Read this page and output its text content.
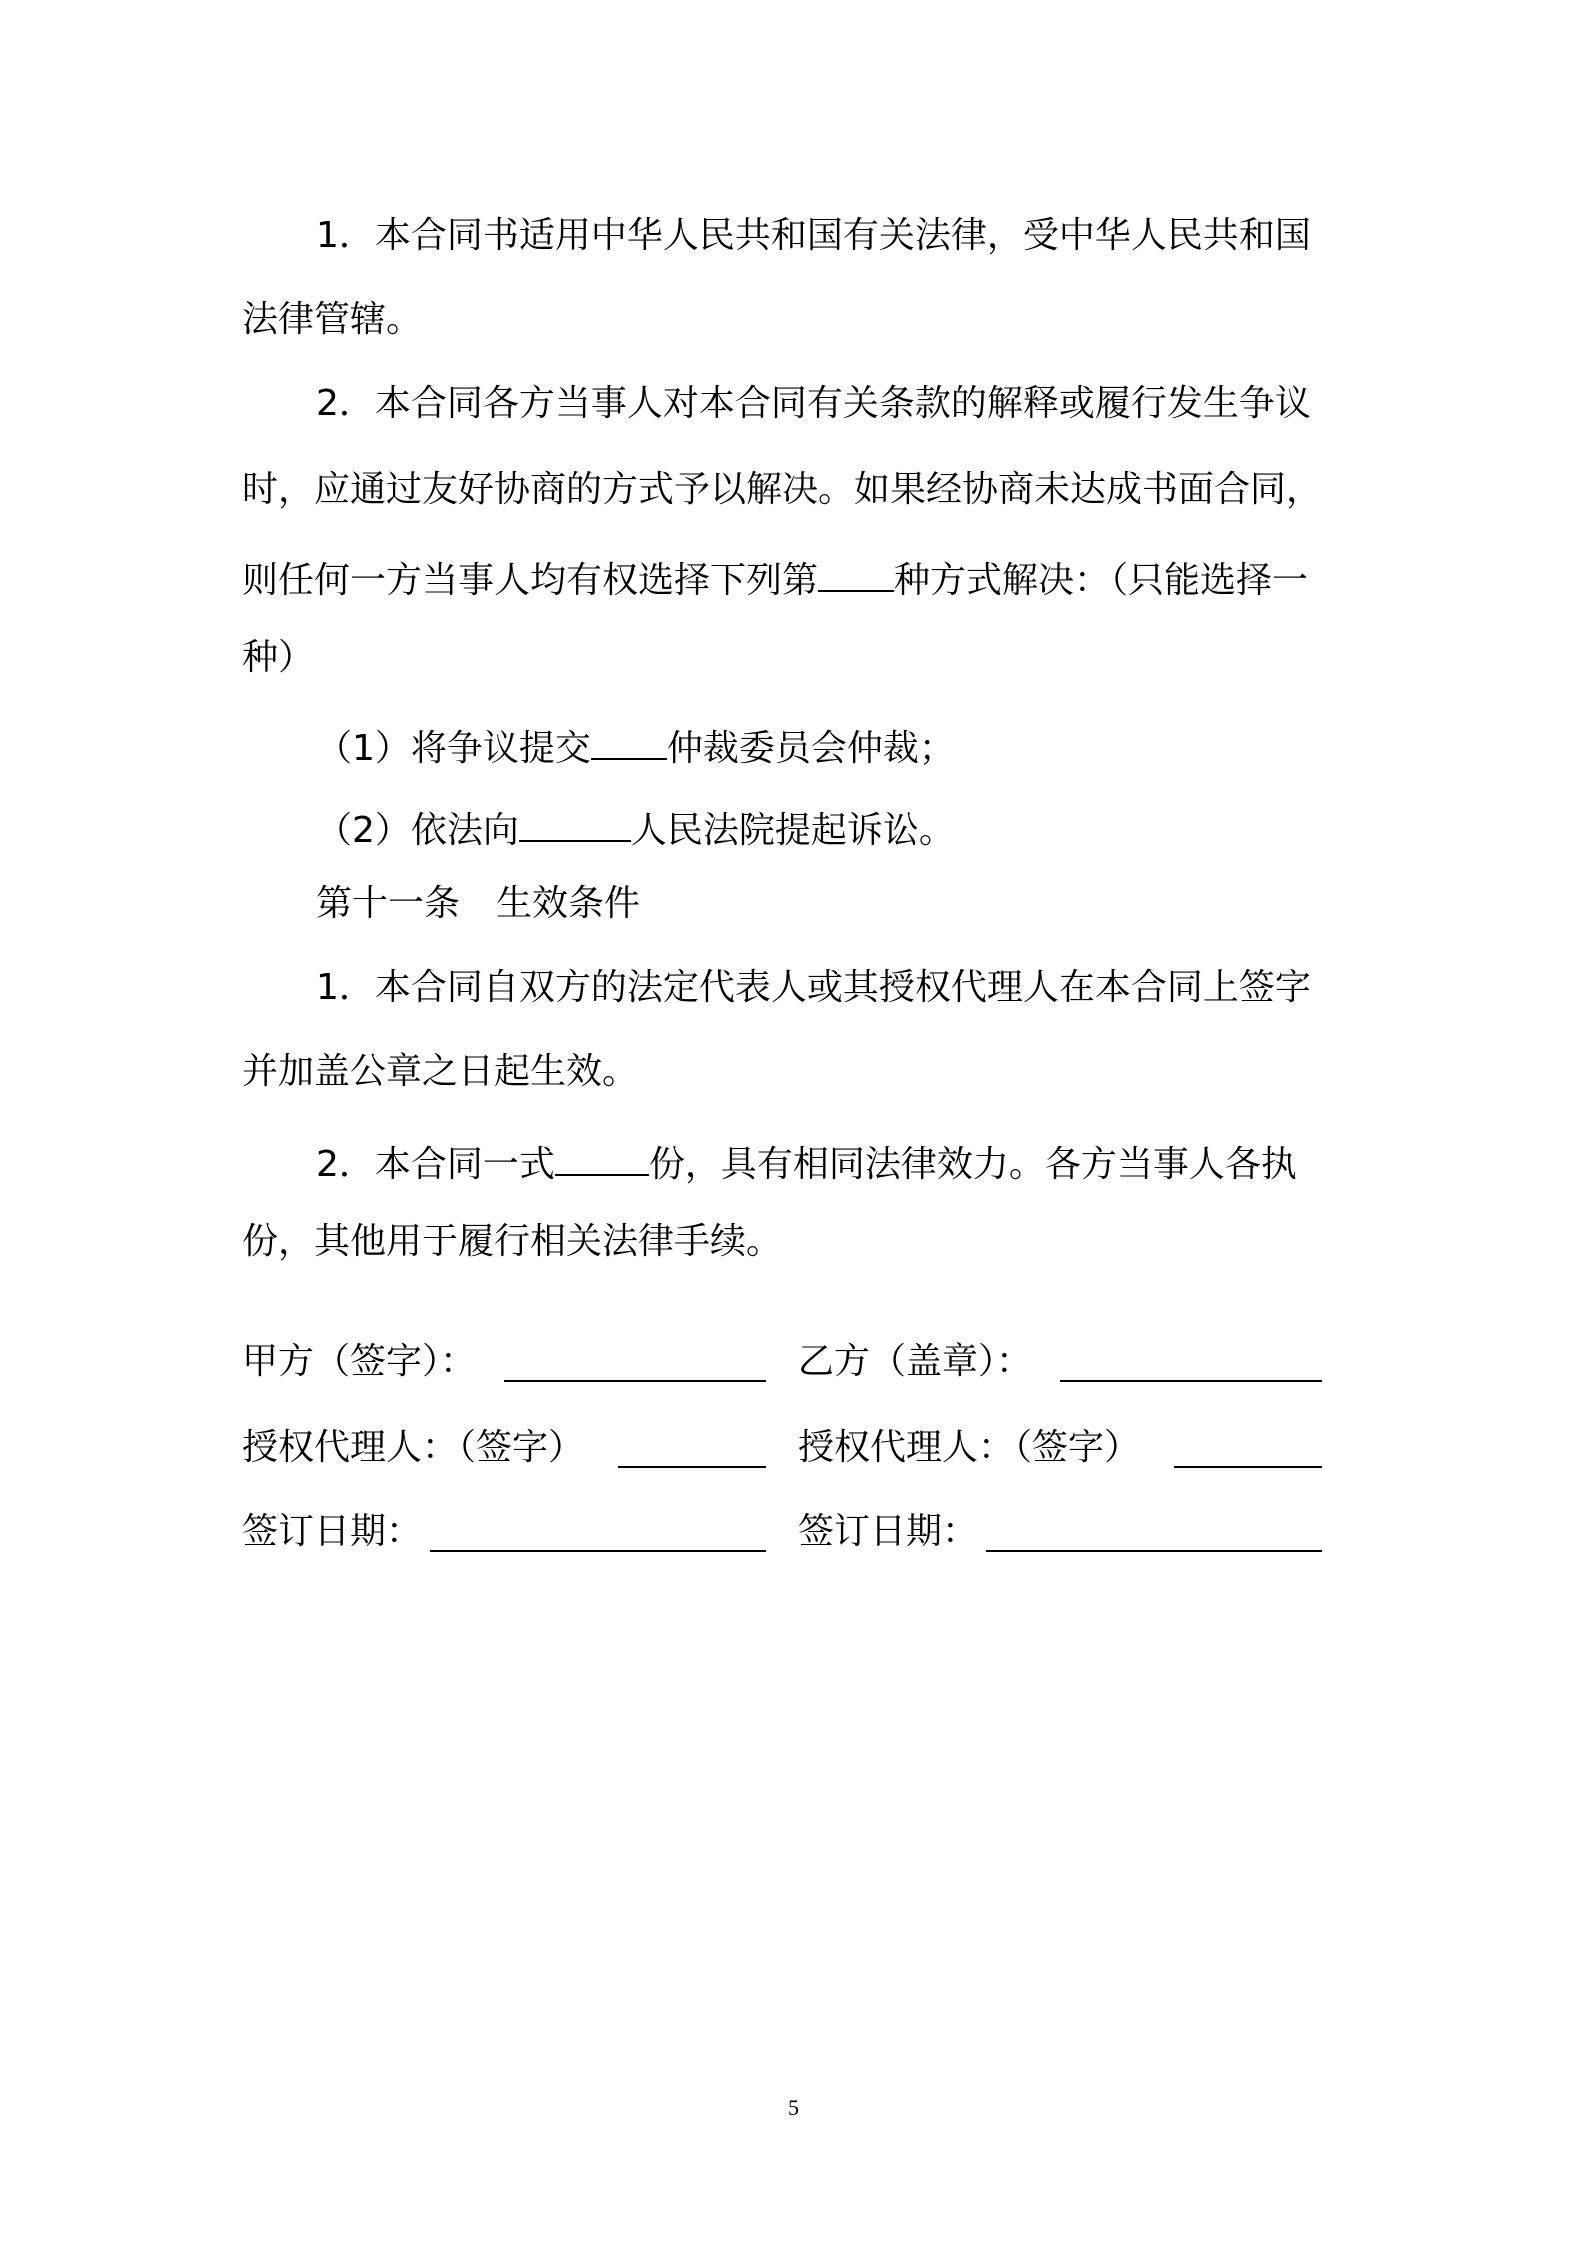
1．本合同书适用中华人民共和国有关法律，受中华人民共和国
法律管辖。
2．本合同各方当事人对本合同有关条款的解释或履行发生争议
时，应通过友好协商的方式予以解决。如果经协商未达成书面合同，
则任何一方当事人均有权选择下列第 种方式解决：（只能选择一
种）
（1）将争议提交 仲裁委员会仲裁；
（2）依法向	人民法院提起诉讼。
第十一条　生效条件
1．本合同自双方的法定代表人或其授权代理人在本合同上签字
并加盖公章之日起生效。
2．本合同一式	份，具有相同法律效力。各方当事人各执
份，其他用于履行相关法律手续。
甲方（签字）：	乙方（盖章）：
授权代理人：（签字）	授权代理人：（签字）
签订日期：	签订日期：
5
